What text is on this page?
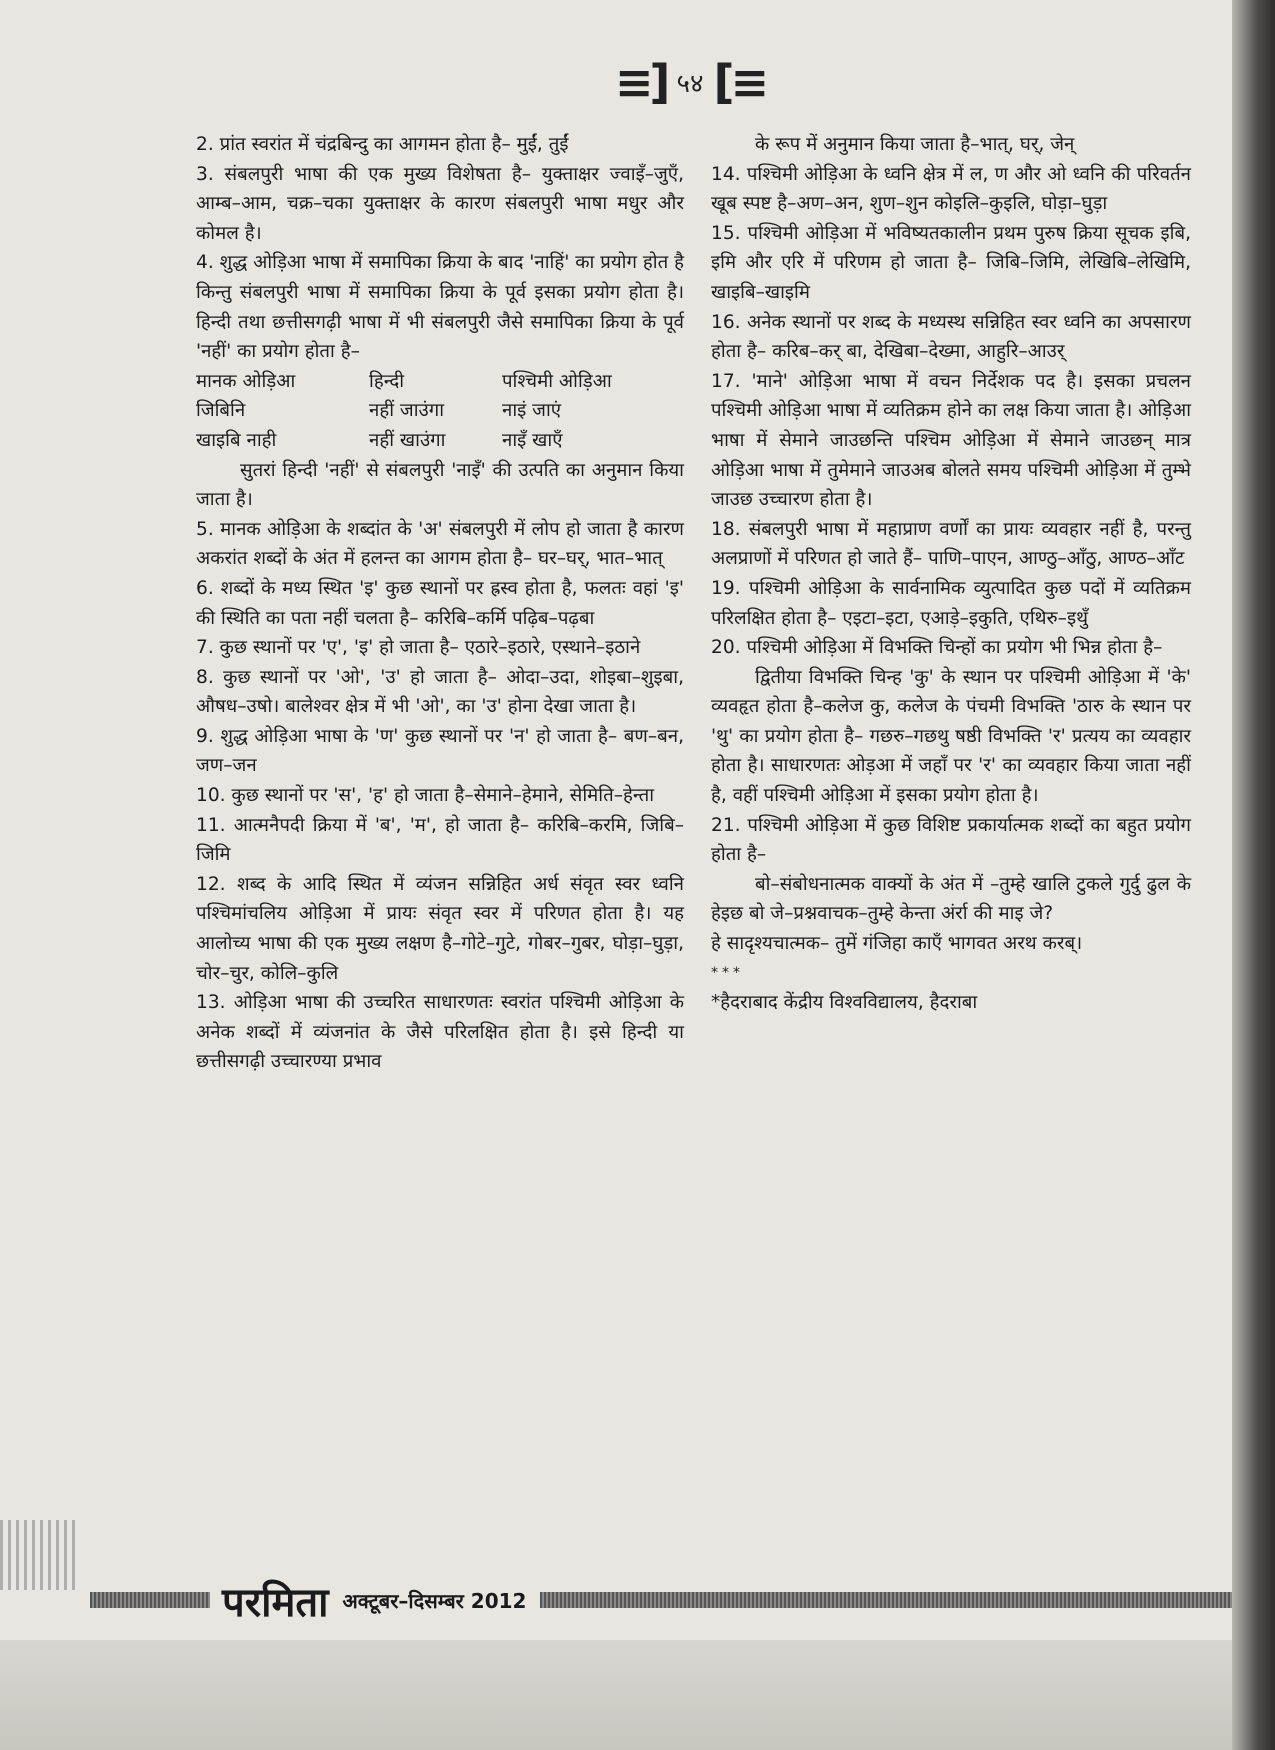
≡] ५४ [≡

2. प्रांत स्वरांत में चंद्रबिन्दु का आगमन होता है– मुईं, तुईं

3. संबलपुरी भाषा की एक मुख्य विशेषता है– युक्ताक्षर ज्वाइँ–जुएँ, आम्ब–आम, चक्र–चका युक्ताक्षर के कारण संबलपुरी भाषा मधुर और कोमल है।

4. शुद्ध ओड़िआ भाषा में समापिका क्रिया के बाद 'नाहिं' का प्रयोग होत है किन्तु संबलपुरी भाषा में समापिका क्रिया के पूर्व इसका प्रयोग होता है। हिन्दी तथा छत्तीसगढ़ी भाषा में भी संबलपुरी जैसे समापिका क्रिया के पूर्व 'नहीं' का प्रयोग होता है–

मानक ओड़िआ	हिन्दी	पश्चिमी ओड़िआ
जिबिनि	नहीं जाउंगा	नाइं जाएं
खाइबि नाही	नहीं खाउंगा	नाइँ खाएँ

सुतरां हिन्दी 'नहीं' से संबलपुरी 'नाइँ' की उत्पति का अनुमान किया जाता है।

5. मानक ओड़िआ के शब्दांत के 'अ' संबलपुरी में लोप हो जाता है कारण अकरांत शब्दों के अंत में हलन्त का आगम होता है– घर–घर्, भात–भात्

6. शब्दों के मध्य स्थित 'इ' कुछ स्थानों पर ह्रस्व होता है, फलतः वहां 'इ' की स्थिति का पता नहीं चलता है– करिबि–कर्मि पढ़िब–पढ़बा

7. कुछ स्थानों पर 'ए', 'इ' हो जाता है– एठारे–इठारे, एस्थाने–इठाने

8. कुछ स्थानों पर 'ओ', 'उ' हो जाता है– ओदा–उदा, शोइबा–शुइबा, औषध–उषो। बालेश्वर क्षेत्र में भी 'ओ', का 'उ' होना देखा जाता है।

9. शुद्ध ओड़िआ भाषा के 'ण' कुछ स्थानों पर 'न' हो जाता है– बण–बन, जण–जन

10. कुछ स्थानों पर 'स', 'ह' हो जाता है–सेमाने–हेमाने, सेमिति–हेन्ता

11. आत्मनैपदी क्रिया में 'ब', 'म', हो जाता है– करिबि–करमि, जिबि–जिमि

12. शब्द के आदि स्थित में व्यंजन सन्निहित अर्ध संवृत स्वर ध्वनि पश्चिमांचलिय ओड़िआ में प्रायः संवृत स्वर में परिणत होता है। यह आलोच्य भाषा की एक मुख्य लक्षण है–गोटे–गुटे, गोबर–गुबर, घोड़ा–घुड़ा, चोर–चुर, कोलि–कुलि

13. ओड़िआ भाषा की उच्चरित साधारणतः स्वरांत पश्चिमी ओड़िआ के अनेक शब्दों में व्यंजनांत के जैसे परिलक्षित होता है। इसे हिन्दी या छत्तीसगढ़ी उच्चारण्या प्रभाव

के रूप में अनुमान किया जाता है–भात्, घर्, जेन्

14. पश्चिमी ओड़िआ के ध्वनि क्षेत्र में ल, ण और ओ ध्वनि की परिवर्तन खूब स्पष्ट है–अण–अन, शुण–शुन कोइलि–कुइलि, घोड़ा–घुड़ा

15. पश्चिमी ओड़िआ में भविष्यतकालीन प्रथम पुरुष क्रिया सूचक इबि, इमि और एरि में परिणम हो जाता है– जिबि–जिमि, लेखिबि–लेखिमि, खाइबि–खाइमि

16. अनेक स्थानों पर शब्द के मध्यस्थ सन्निहित स्वर ध्वनि का अपसारण होता है– करिब–कर् बा, देखिबा–देख्मा, आहुरि–आउर्

17. 'माने' ओड़िआ भाषा में वचन निर्देशक पद है। इसका प्रचलन पश्चिमी ओड़िआ भाषा में व्यतिक्रम होने का लक्ष किया जाता है। ओड़िआ भाषा में सेमाने जाउछन्ति पश्चिम ओड़िआ में सेमाने जाउछन् मात्र ओड़िआ भाषा में तुमेमाने जाउअब बोलते समय पश्चिमी ओड़िआ में तुम्भे जाउछ उच्चारण होता है।

18. संबलपुरी भाषा में महाप्राण वर्णों का प्रायः व्यवहार नहीं है, परन्तु अलप्राणों में परिणत हो जाते हैं– पाणि–पाएन, आण्ठु–आँठु, आण्ठ–आँट

19. पश्चिमी ओड़िआ के सार्वनामिक व्युत्पादित कुछ पदों में व्यतिक्रम परिलक्षित होता है– एइटा–इटा, एआड़े–इकुति, एथिरु–इथुँ

20. पश्चिमी ओड़िआ में विभक्ति चिन्हों का प्रयोग भी भिन्न होता है–

द्वितीया विभक्ति चिन्ह 'कु' के स्थान पर पश्चिमी ओड़िआ में 'के' व्यवहृत होता है–कलेज कु, कलेज के पंचमी विभक्ति 'ठारु के स्थान पर 'थु' का प्रयोग होता है– गछरु–गछथु षष्ठी विभक्ति 'र' प्रत्यय का व्यवहार होता है। साधारणतः ओड़आ में जहाँ पर 'र' का व्यवहार किया जाता नहीं है, वहीं पश्चिमी ओड़िआ में इसका प्रयोग होता है।

21. पश्चिमी ओड़िआ में कुछ विशिष्ट प्रकार्यात्मक शब्दों का बहुत प्रयोग होता है–

बो–संबोधनात्मक वाक्यों के अंत में –तुम्हे खालि टुकले गुर्दु ढुल के हेइछ बो जे–प्रश्नवाचक–तुम्हे केन्ता अंर्रा की माइ जे?

हे सादृश्यचात्मक– तुमें गंजिहा काएँ भागवत अरथ करब्।

***

*हैदराबाद केंद्रीय विश्वविद्यालय, हैदराबा

परमिता अक्टूबर–दिसम्बर 2012
